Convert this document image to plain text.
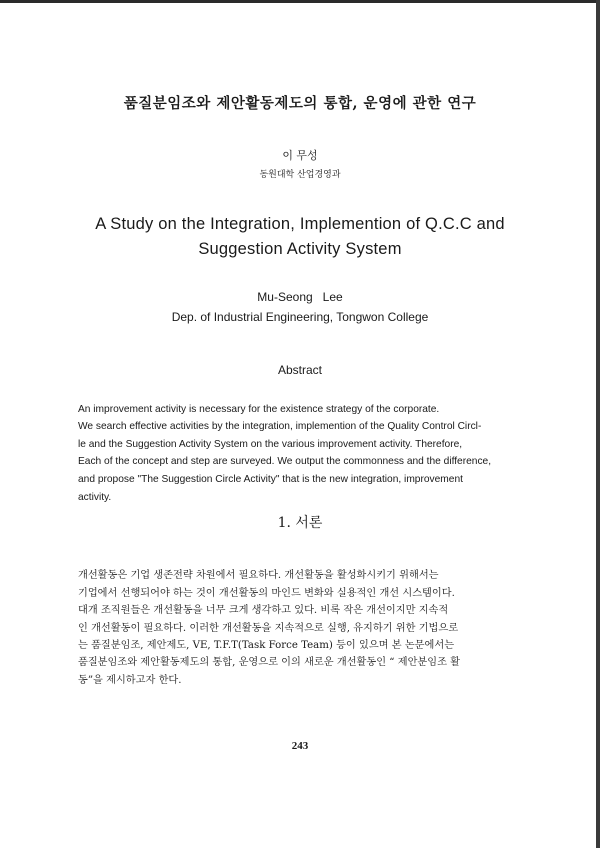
품질분임조와 제안활동제도의 통합, 운영에 관한 연구
이 무성
동원대학 산업경영과
A Study on the Integration, Implemention of Q.C.C and
Suggestion Activity System
Mu-Seong   Lee
Dep. of Industrial Engineering, Tongwon College
Abstract

An improvement activity is necessary for the existence strategy of the corporate.
We search effective activities by the integration, implemention of the Quality Control Circl-
le and the Suggestion Activity System on the various improvement activity. Therefore,
Each of the concept and step are surveyed. We output the commonness and the difference,
and propose "The Suggestion Circle Activity" that is the new integration, improvement
activity.

1. 서론

개선활동은 기업 생존전략 차원에서 필요하다. 개선활동을 활성화시키기 위해서는
기업에서 선행되어야 하는 것이 개선활동의 마인드 변화와 실용적인 개선 시스템이다.
대개 조직원들은 개선활동을 너무 크게 생각하고 있다. 비록 작은 개선이지만 지속적
인 개선활동이 필요하다. 이러한 개선활동을 지속적으로 실행, 유지하기 위한 기법으로
는 품질분임조, 제안제도, VE, T.F.T(Task Force Team) 등이 있으며 본 논문에서는
품질분임조와 제안활동제도의 통합, 운영으로 이의 새로운 개선활동인 “ 제안분임조 활
동”을 제시하고자 한다.

243
